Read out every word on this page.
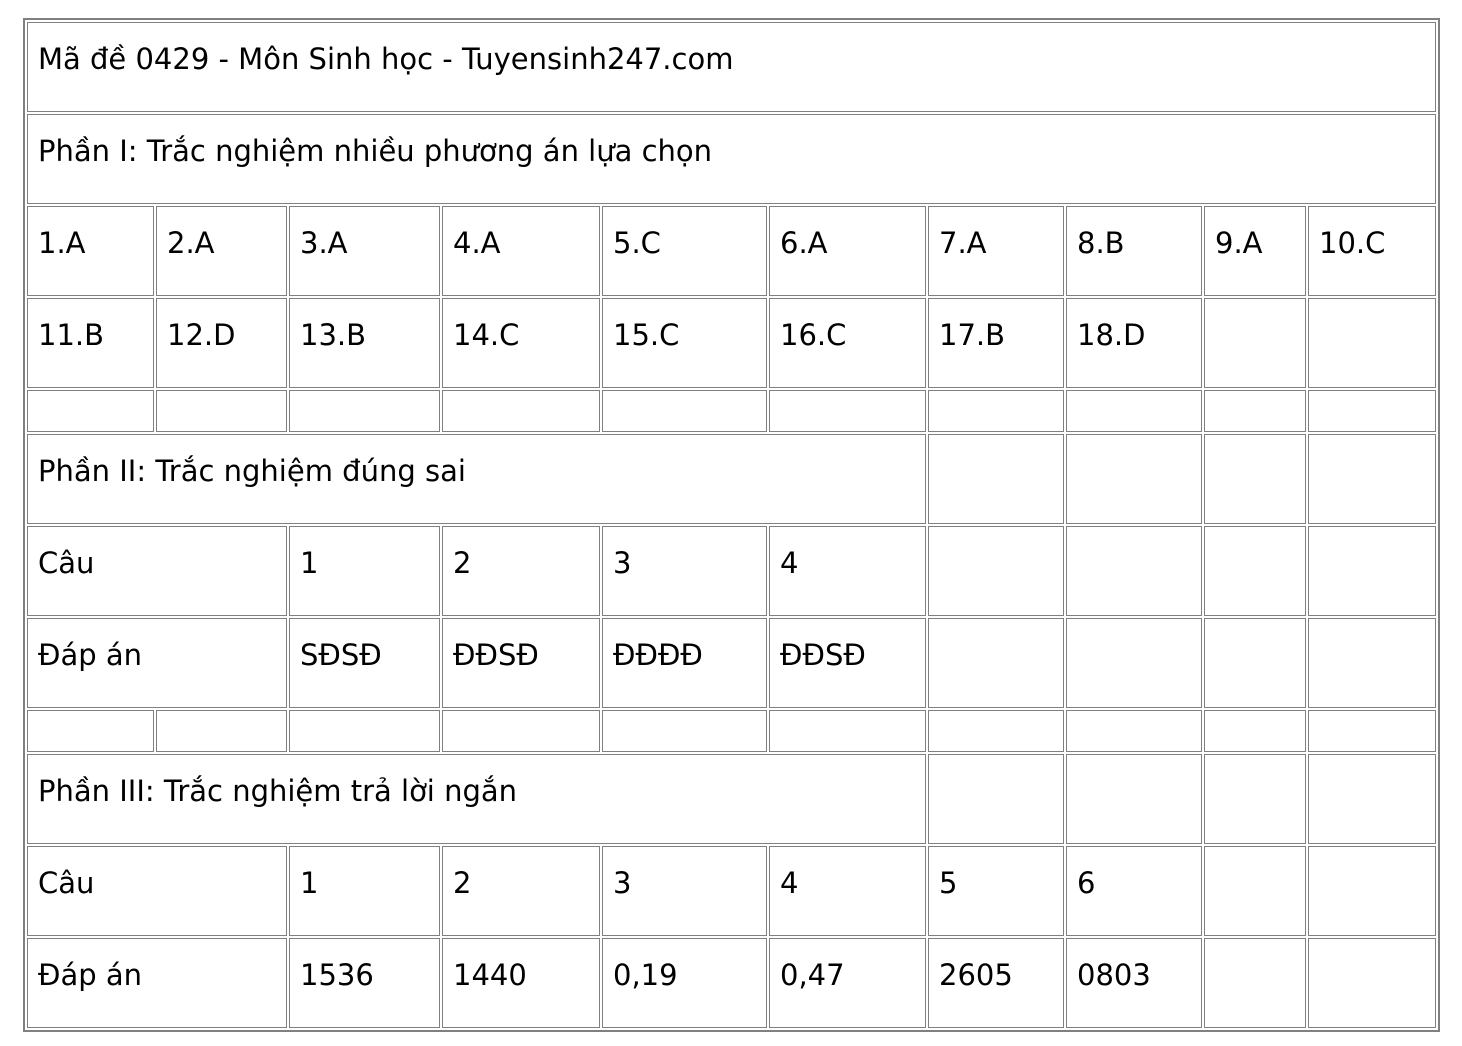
Mã đề 0429 - Môn Sinh học - Tuyensinh247.com									
Phần I: Trắc nghiệm nhiều phương án lựa chọn									
1.A	2.A	3.A	4.A	5.C	6.A	7.A	8.B	9.A	10.C
11.B	12.D	13.B	14.C	15.C	16.C	17.B	18.D		

Phần II: Trắc nghiệm đúng sai									
Câu		1	2	3	4				
Đáp án		SĐSĐ	ĐĐSĐ	ĐĐĐĐ	ĐĐSĐ				

Phần III: Trắc nghiệm trả lời ngắn									
Câu		1	2	3	4	5	6		
Đáp án		1536	1440	0,19	0,47	2605	0803		
